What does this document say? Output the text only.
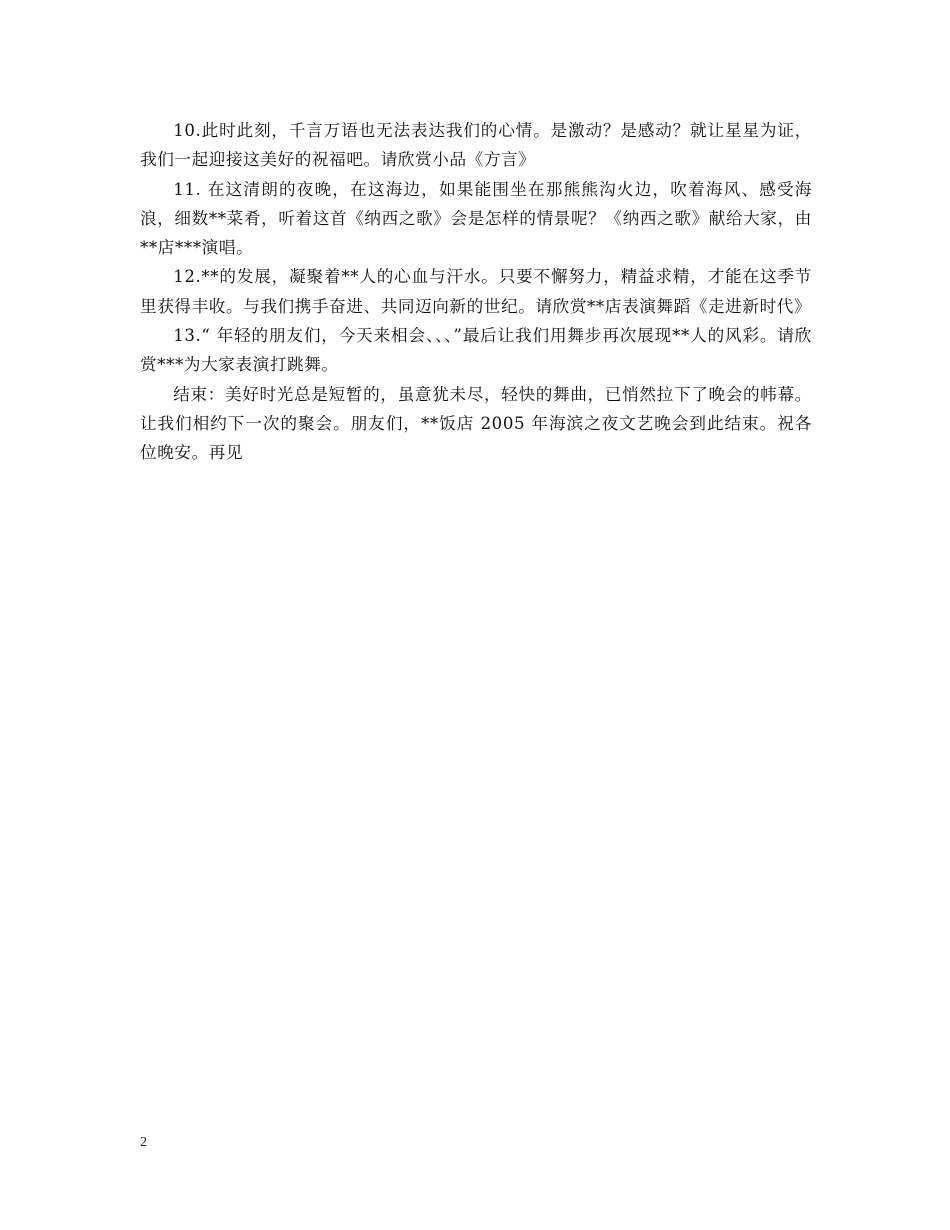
10.此时此刻，千言万语也无法表达我们的心情。是激动？是感动？就让星星为证，我们一起迎接这美好的祝福吧。请欣赏小品《方言》

11. 在这清朗的夜晚，在这海边，如果能围坐在那熊熊沟火边，吹着海风、感受海浪，细数**菜肴，听着这首《纳西之歌》会是怎样的情景呢？《纳西之歌》献给大家，由**店***演唱。

12.**的发展，凝聚着**人的心血与汗水。只要不懈努力，精益求精，才能在这季节里获得丰收。与我们携手奋进、共同迈向新的世纪。请欣赏**店表演舞蹈《走进新时代》

13.“ 年轻的朋友们，今天来相会、、、”最后让我们用舞步再次展现**人的风彩。请欣赏***为大家表演打跳舞。

结束：美好时光总是短暂的，虽意犹未尽，轻快的舞曲，已悄然拉下了晚会的帏幕。让我们相约下一次的聚会。朋友们，**饭店 2005 年海滨之夜文艺晚会到此结束。祝各位晚安。再见

2
